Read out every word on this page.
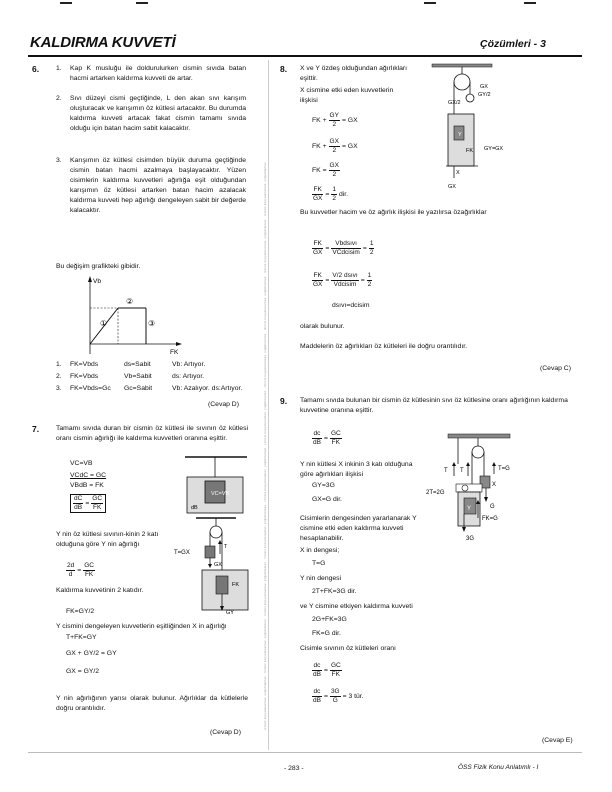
KALDIRMA KUVVETİ	Çözümleri - 3
İzinsiz kopyalanamaz, çoğaltılamaz · İzinsiz kopyalanamaz, çoğaltılamaz · İzinsiz kopyalanamaz, çoğaltılamaz · İzinsiz kopyalanamaz, çoğaltılamaz · İzinsiz kopyalanamaz, çoğaltılamaz · İzinsiz kopyalanamaz, çoğaltılamaz · İzinsiz kopyalanamaz, çoğaltılamaz · İzinsiz kopyalanamaz, çoğaltılamaz · İzinsiz kopyalanamaz, çoğaltılamaz · İzinsiz kopyalanamaz, çoğaltılamaz
6. 1. Kap K musluğu ile doldurulurken cismin sıvıda batan hacmi artarken kaldırma kuvveti de artar.
2. Sıvı düzeyi cismi geçtiğinde, L den akan sıvı karışım oluşturacak ve karışımın öz kütlesi artacaktır. Bu durumda kaldırma kuvveti artacak fakat cismin tamamı sıvıda olduğu için batan hacim sabit kalacaktır.
3. Karışımın öz kütlesi cisimden büyük duruma geçtiğinde cismin batan hacmi azalmaya başlayacaktır. Yüzen cisimlerin kaldırma kuvvetleri ağırlığa eşit olduğundan karışımın öz kütlesi artarken batan hacim azalacak kaldırma kuvveti hep ağırlığı dengeleyen sabit bir değerde kalacaktır.
Bu değişim grafikteki gibidir.
Vb
FK
①
②
③
1.	FK=Vbds	ds=Sabit	Vb: Artıyor.
2.	FK=Vbds	Vb=Sabit	ds: Artıyor.
3.	FK=Vbds=Gc	Gc=Sabit	Vb: Azalıyor. ds:Artıyor.
(Cevap D)
7. Tamamı sıvıda duran bir cismin öz kütlesi ile sıvının öz kütlesi oranı cismin ağırlığı ile kaldırma kuvvetleri oranına eşittir.
VC=VB
VCdC = GC
VBdB = FK
$\frac{dC}{dB} = \frac{GC}{FK}$
VC=VB
dB
Y nin öz kütlesi sıvının-kinin 2 katı olduğuna göre Y nin ağırlığı
$\frac{2d}{d} = \frac{GC}{FK}$
Kaldırma kuvvetinin 2 katıdır.
FK=GY/2
T=GX
GX
T
FK
GY
Y cismini dengeleyen kuvvetlerin eşitliğinden X in ağırlığı
T+FK=GY
GX + GY/2 = GY
GX = GY/2
Y nin ağırlığının yarısı olarak bulunur. Ağırlıklar da kütlelerle doğru orantılıdır.
(Cevap D)
8. X ve Y özdeş olduğundan ağırlıkları eşittir.
X cismine etki eden kuvvetlerin ilişkisi
FK + $\frac{GY}{2}$ = GX
FK + $\frac{GX}{2}$ = GX
FK = $\frac{GX}{2}$
$\frac{FK}{GX} = \frac{1}{2}$ dir.
GX/2
GY/2
GX
Y
FK GY=GX
GX
X
Bu kuvvetler hacim ve öz ağırlık ilişkisi ile yazılırsa özağırlıklar
$\frac{FK}{GX} = \frac{\text{Vbdsıvı}}{\text{VCdcisim}} = \frac{1}{2}$
$\frac{FK}{GX} = \frac{\text{V/2 dsıvı}}{\text{Vdcisim}} = \frac{1}{2}$
dsıvı=dcisim
olarak bulunur.
Maddelerin öz ağırlıkları öz kütleleri ile doğru orantılıdır.
(Cevap C)
9. Tamamı sıvıda bulunan bir cismin öz kütlesinin sıvı öz kütlesine oranı ağırlığının kaldırma kuvvetine oranına eşittir.
$\frac{dc}{dB} = \frac{GC}{FK}$
Y nin kütlesi X inkinin 3 katı olduğuna göre ağırlıkları ilişkisi
GY=3G
GX=G dir.
Cisimlerin dengesinden yararlanarak Y cismine etki eden kaldırma kuvveti hesaplanabilir.
X in dengesi;
T=G
Y nin dengesi
2T+FK=3G dir.
ve Y cismine etkiyen kaldırma kuvveti
2G+FK=3G
FK=G dir.
Cisimle sıvının öz kütleleri oranı
$\frac{dc}{dB} = \frac{GC}{FK}$
$\frac{dc}{dB} = \frac{3G}{G} = 3$ tür.
(Cevap E)
T T	T=G
2T=2G
X
G
FK=G
Y
3G
- 283 -	ÖSS Fizik Konu Anlatımlı - I
